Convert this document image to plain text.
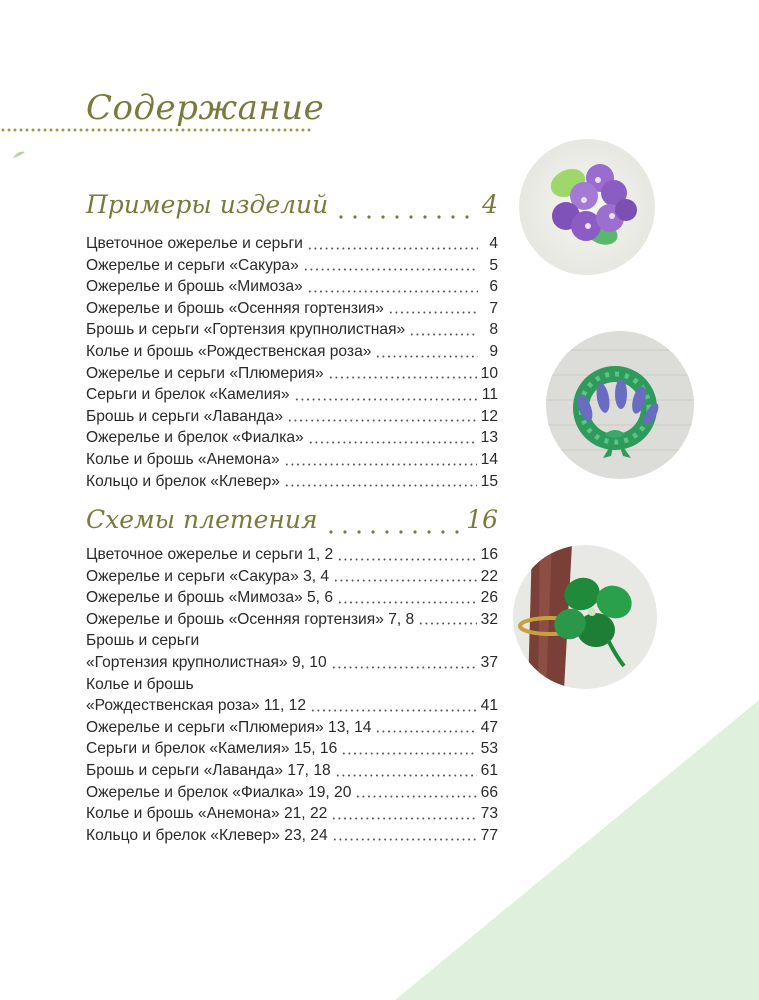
Содержание
Примеры изделий	4
Цветочное ожерелье и серьги	4
Ожерелье и серьги «Сакура»	5
Ожерелье и брошь «Мимоза»	6
Ожерелье и брошь «Осенняя гортензия»	7
Брошь и серьги «Гортензия крупнолистная»	8
Колье и брошь «Рождественская роза»	9
Ожерелье и серьги «Плюмерия»	10
Серьги и брелок «Камелия»	11
Брошь и серьги «Лаванда»	12
Ожерелье и брелок «Фиалка»	13
Колье и брошь «Анемона»	14
Кольцо и брелок «Клевер»	15
Схемы плетения	16
Цветочное ожерелье и серьги 1, 2	16
Ожерелье и серьги «Сакура» 3, 4	22
Ожерелье и брошь «Мимоза» 5, 6	26
Ожерелье и брошь «Осенняя гортензия» 7, 8	32
Брошь и серьги
«Гортензия крупнолистная» 9, 10	37
Колье и брошь
«Рождественская роза» 11, 12	41
Ожерелье и серьги «Плюмерия» 13, 14	47
Серьги и брелок «Камелия» 15, 16	53
Брошь и серьги «Лаванда» 17, 18	61
Ожерелье и брелок «Фиалка» 19, 20	66
Колье и брошь «Анемона» 21, 22	73
Кольцо и брелок «Клевер» 23, 24	77
